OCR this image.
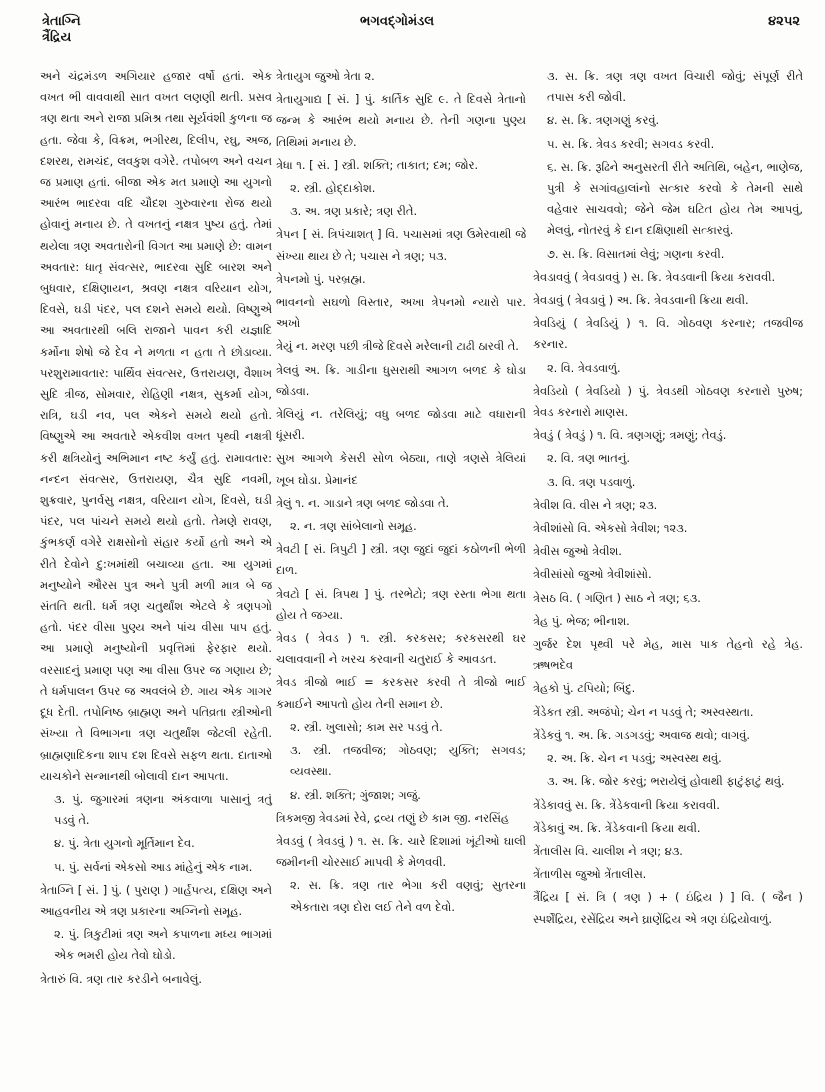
ત્રેતાગ્નિ
ત્રૈંદ્રિય
ભગવદ્ગોમંડલ	૪૨૫૨

અને ચંદ્રમંડળ અગિયાર હજાર વર્ષો હતાં. એક વખત ભી વાવવાથી સાત વખત લણણી થતી. પ્રસવ ત્રણ થતા અને રાજા પ્રમિશ્ર તથા સૂર્યવંશી કુળના જ હતા. જેવા કે, વિક્રમ, ભગીરથ, દિલીપ, રઘુ, અજ, દશરથ, રામચંદ, લવકુશ વગેરે. તપોબળ અને વચન જ પ્રમાણ હતાં. બીજા એક મત પ્રમાણે આ યુગનો આરંભ ભાદરવા વદિ ચૌદશ ગુરુવારના રોજ થયો હોવાનું મનાય છે. તે વખતનું નક્ષત્ર પુષ્ય હતું. તેમાં થયેલા ત્રણ અવતારોની વિગત આ પ્રમાણે છે: વામન અવતાર: ધાતૃ સંવત્સર, ભાદરવા સુદિ બારશ અને બુધવાર, દક્ષિણાયન, શ્રવણ નક્ષત્ર વરિયાન યોગ, દિવસે, ઘડી પંદર, પલ દશને સમયે થયો. વિષ્ણુએ આ અવતારથી બલિ રાજાને પાવન કરી યજ્ઞાદિ કર્મોના શેષો જે દેવ ને મળતા ન હતા તે છોડાવ્યા. પરશુરામાવતાર: પાર્થિવ સંવત્સર, ઉત્તરાયણ, વૈશાખ સુદિ ત્રીજ, સોમવાર, રોહિણી નક્ષત્ર, સુકર્મા યોગ, રાત્રિ, ઘડી નવ, પલ એકને સમયે થયો હતો. વિષ્ણુએ આ અવતારે એકવીશ વખત પૃથ્વી નક્ષત્રી કરી ક્ષત્રિયોનું અભિમાન નષ્ટ કર્યું હતું. રામાવતાર: નન્દન સંવત્સર, ઉત્તરાયણ, ચૈત્ર સુદિ નવમી, શુક્રવાર, પુનર્વસુ નક્ષત્ર, વરિયાન યોગ, દિવસે, ઘડી પંદર, પલ પાંચને સમયે થયો હતો. તેમણે રાવણ, કુંભકર્ણ વગેરે રાક્ષસોનો સંહાર કર્યો હતો અને એ રીતે દેવોને દુ:ખમાંથી બચાવ્યા હતા. આ યુગમાં મનુષ્યોને ઔરસ પુત્ર અને પુત્રી મળી માત્ર બે જ સંતતિ થતી. ધર્મ ત્રણ ચતુર્થાંશ એટલે કે ત્રણપગો હતો. પંદર વીસા પુણ્ય અને પાંચ વીસા પાપ હતું. આ પ્રમાણે મનુષ્યોની પ્રવૃત્તિમાં ફેરફાર થયો. વરસાદનું પ્રમાણ પણ આ વીસા ઉપર જ ગણાય છે; તે ધર્મપાલન ઉપર જ અવલંબે છે. ગાય એક ગાગર દૂધ દેતી. તપોનિષ્ઠ બ્રાહ્મણ અને પતિવ્રતા સ્ત્રીઓની સંખ્યા તે વિભાગના ત્રણ ચતુર્થાંશ જેટલી રહેતી. બ્રાહ્મણાદિકના શાપ દશ દિવસે સફળ થતા. દાતાઓ યાચકોને સન્માનથી બોલાવી દાન આપતા.

૩. પું. જુગારમાં ત્રણના અંકવાળા પાસાનું ત્રતું પડવું તે.

૪. પું. ત્રેતા યુગનો મૂર્તિમાન દેવ.

૫. પું. સર્વનાં એકસો આડ માંહેનું એક નામ.

ત્રેતાગ્નિ [ સં. ] પું. ( પુરાણ ) ગાર્હપત્ય, દક્ષિણ અને આહવનીય એ ત્રણ પ્રકારના અગ્નિનો સમૂહ.

૨. પું. ત્રિકુટીમાં ત્રણ અને કપાળના મધ્ય ભાગમાં એક ભમરી હોય તેવો ઘોડો.

ત્રેતારું વિ. ત્રણ તાર કરડીને બનાવેલું.

ત્રેતાયુગ જુઓ ત્રેતા ૨.

ત્રેતાયુગાદ્ય [ સં. ] પું. કાર્તિક સુદિ ૯. તે દિવસે ત્રેતાનો જન્મ કે આરંભ થયો મનાય છે. તેની ગણના પુણ્ય તિથિમાં મનાય છે.

ત્રેધા ૧. [ સં. ] સ્ત્રી. શક્તિ; તાકાત; દમ; જોર.

૨. સ્ત્રી. હોદ્દાકોશ.

૩. અ. ત્રણ પ્રકારે; ત્રણ રીતે.

ત્રેપન [ સં. ત્રિપંચાશત્ ] વિ. પચાસમાં ત્રણ ઉમેરવાથી જે સંખ્યા થાય છે તે; પચાસ ને ત્રણ; ૫૩.

ત્રેપનમો પું. પરબ્રહ્મ.

ભાવનનો સઘળો વિસ્તાર, અખા ત્રેપનમો ન્યારો પાર. અખો

ત્રેયું ન. મરણ પછી ત્રીજે દિવસે મરેલાની ટાઢી ઠારવી તે.

ત્રેલવું અ. ક્રિ. ગાડીના ધુસરાથી આગળ બળદ કે ઘોડા જોડવા.

ત્રેલિયું ન. તરેલિયું; વધુ બળદ જોડવા માટે વધારાની ધૂંસરી.

સુખ આગળે કેસરી સોળ બેઠ્યા, તાણે ત્રણસે ત્રેલિયાં ખૂબ ઘોડા. પ્રેમાનંદ

ત્રેલું ૧. ન. ગાડાને ત્રણ બળદ જોડવા તે.

૨. ન. ત્રણ સાંબેલાનો સમૂહ.

ત્રેવટી [ સં. ત્રિપુટી ] સ્ત્રી. ત્રણ જુદાં જુદાં કઠોળની ભેળી દાળ.

ત્રેવટો [ સં. ત્રિપથ ] પું. તરભેટો; ત્રણ રસ્તા ભેગા થતા હોય તે જગ્યા.

ત્રેવડ ( ત્રેવડ ) ૧. સ્ત્રી. કરકસર; કરકસરથી ઘર ચલાવવાની ને ખરચ કરવાની ચતુરાઈ કે આવડત.

ત્રેવડ ત્રીજો ભાઈ = કરકસર કરવી તે ત્રીજો ભાઈ કમાઈને આપતો હોય તેની સમાન છે.

૨. સ્ત્રી. ખુલાસો; કામ સર પડવું તે.

૩. સ્ત્રી. તજવીજ; ગોઠવણ; યુક્તિ; સગવડ; વ્યવસ્થા.

૪. સ્ત્રી. શક્તિ; ગુંજાશ; ગજું.

ત્રિકમજી ત્રેવડમાં રેવે, દ્રવ્ય તણું છે કામ જી. નરસિંહ

ત્રેવડવું ( ત્રેવડવું ) ૧. સ. ક્રિ. ચારે દિશામાં ખૂંટીઓ ઘાલી જમીનની ચોરસાઈ માપવી કે મેળવવી.

૨. સ. ક્રિ. ત્રણ તાર ભેગા કરી વણવું; સુતરના એકતારા ત્રણ દોરા લઈ તેને વળ દેવો.

૩. સ. ક્રિ. ત્રણ ત્રણ વખત વિચારી જોવું; સંપૂર્ણ રીતે તપાસ કરી જોવી.

૪. સ. ક્રિ. ત્રણગણું કરવું.

૫. સ. ક્રિ. ત્રેવડ કરવી; સગવડ કરવી.

૬. સ. ક્રિ. રૂઢિને અનુસરતી રીતે અતિથિ, બહેન, ભાણેજ, પુત્રી કે સગાંવહાલાંનો સત્કાર કરવો કે તેમની સાથે વહેવાર સાચવવો; જેને જેમ ઘટિત હોય તેમ આપવું, મેલવું, નોતરવું કે દાન દક્ષિણાથી સત્કારવું.

૭. સ. ક્રિ. વિસાતમાં લેવું; ગણના કરવી.

ત્રેવડાવવું ( ત્રેવડાવવું ) સ. ક્રિ. ત્રેવડવાની ક્રિયા કરાવવી.

ત્રેવડાવું ( ત્રેવડાવું ) અ. ક્રિ. ત્રેવડવાની ક્રિયા થવી.

ત્રેવડિયું ( ત્રેવડિયું ) ૧. વિ. ગોઠવણ કરનાર; તજવીજ કરનાર.

૨. વિ. ત્રેવડવાળું.

ત્રેવડિયો ( ત્રેવડિયો ) પું. ત્રેવડથી ગોઠવણ કરનારો પુરુષ; ત્રેવડ કરનારો માણસ.

ત્રેવડું ( ત્રેવડું ) ૧. વિ. ત્રણગણું; ત્રમણું; તેવડું.

૨. વિ. ત્રણ ભાતનું.

૩. વિ. ત્રણ પડવાળું.

ત્રેવીશ વિ. વીસ ને ત્રણ; ૨૩.

ત્રેવીશાંસો વિ. એકસો ત્રેવીશ; ૧૨૩.

ત્રેવીસ જુઓ ત્રેવીશ.

ત્રેવીસાંસો જુઓ ત્રેવીશાંસો.

ત્રેસઠ વિ. ( ગણિત ) સાઠ ને ત્રણ; ૬૩.

ત્રેહ પું. ભેજ; ભીનાશ.

ગુર્જર દેશ પૃથ્વી પરે મેહ, માસ પાક તેહનો રહે ત્રેહ. ઋષભદેવ

ત્રેહકો પું. ટપિયો; બિંદુ.

ત્રેંડેકત સ્ત્રી. અજંપો; ચેન ન પડવું તે; અસ્વસ્થતા.

ત્રેંડેકવું ૧. અ. ક્રિ. ગડગડવું; અવાજ થવો; વાગવું.

૨. અ. ક્રિ. ચેન ન પડવું; અસ્વસ્થ થવું.

૩. અ. ક્રિ. જોર કરવું; ભરાયેલું હોવાથી ફાટુંફાટું થવું.

ત્રેંડેકાવવું સ. ક્રિ. ત્રેંડેકવાની ક્રિયા કરાવવી.

ત્રેંડેકાવું અ. ક્રિ. ત્રેંડેકવાની ક્રિયા થવી.

ત્રેંતાલીસ વિ. ચાલીશ ને ત્રણ; ૪૩.

ત્રેંતાળીસ જુઓ ત્રેંતાલીસ.

ત્રૈંદ્રિય [ સં. ત્રિ ( ત્રણ ) + ( ઇંદ્રિય ) ] વિ. ( જૈન ) સ્પર્શેંદ્રિય, રસેંદ્રિય અને ઘ્રાણેંદ્રિય એ ત્રણ ઇંદ્રિયોવાળું.
